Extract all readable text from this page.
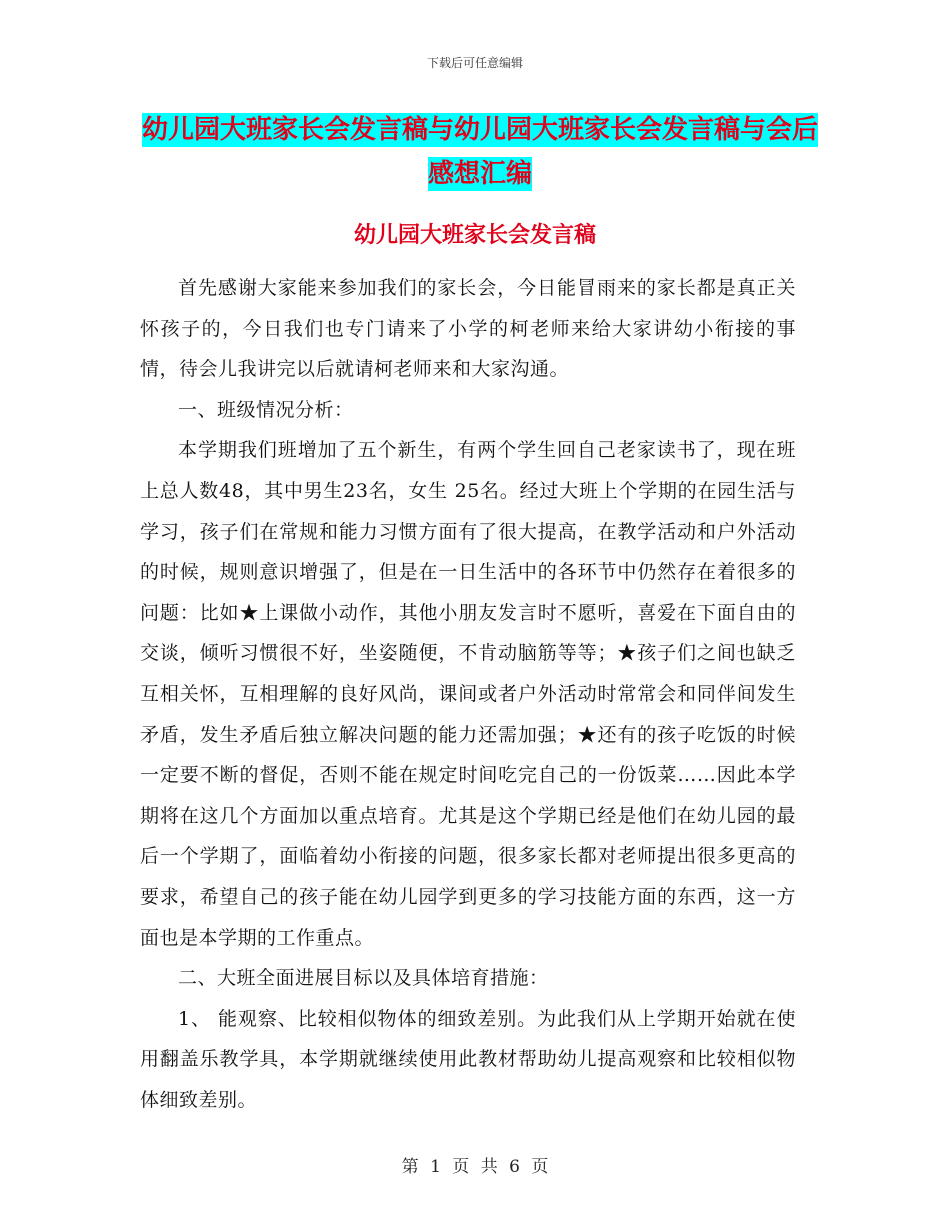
下载后可任意编辑
幼儿园大班家长会发言稿与幼儿园大班家长会发言稿与会后感想汇编
幼儿园大班家长会发言稿

首先感谢大家能来参加我们的家长会，今日能冒雨来的家长都是真正关怀孩子的，今日我们也专门请来了小学的柯老师来给大家讲幼小衔接的事情，待会儿我讲完以后就请柯老师来和大家沟通。

一、班级情况分析：

本学期我们班增加了五个新生，有两个学生回自己老家读书了，现在班上总人数48，其中男生23名，女生 25名。经过大班上个学期的在园生活与学习，孩子们在常规和能力习惯方面有了很大提高，在教学活动和户外活动的时候，规则意识增强了，但是在一日生活中的各环节中仍然存在着很多的问题：比如★上课做小动作，其他小朋友发言时不愿听，喜爱在下面自由的交谈，倾听习惯很不好，坐姿随便，不肯动脑筋等等；★孩子们之间也缺乏互相关怀，互相理解的良好风尚，课间或者户外活动时常常会和同伴间发生矛盾，发生矛盾后独立解决问题的能力还需加强；★还有的孩子吃饭的时候一定要不断的督促，否则不能在规定时间吃完自己的一份饭菜……因此本学期将在这几个方面加以重点培育。尤其是这个学期已经是他们在幼儿园的最后一个学期了，面临着幼小衔接的问题，很多家长都对老师提出很多更高的要求，希望自己的孩子能在幼儿园学到更多的学习技能方面的东西，这一方面也是本学期的工作重点。

二、大班全面进展目标以及具体培育措施：

1、 能观察、比较相似物体的细致差别。为此我们从上学期开始就在使用翻盖乐教学具，本学期就继续使用此教材帮助幼儿提高观察和比较相似物体细致差别。

第 1 页 共 6 页
